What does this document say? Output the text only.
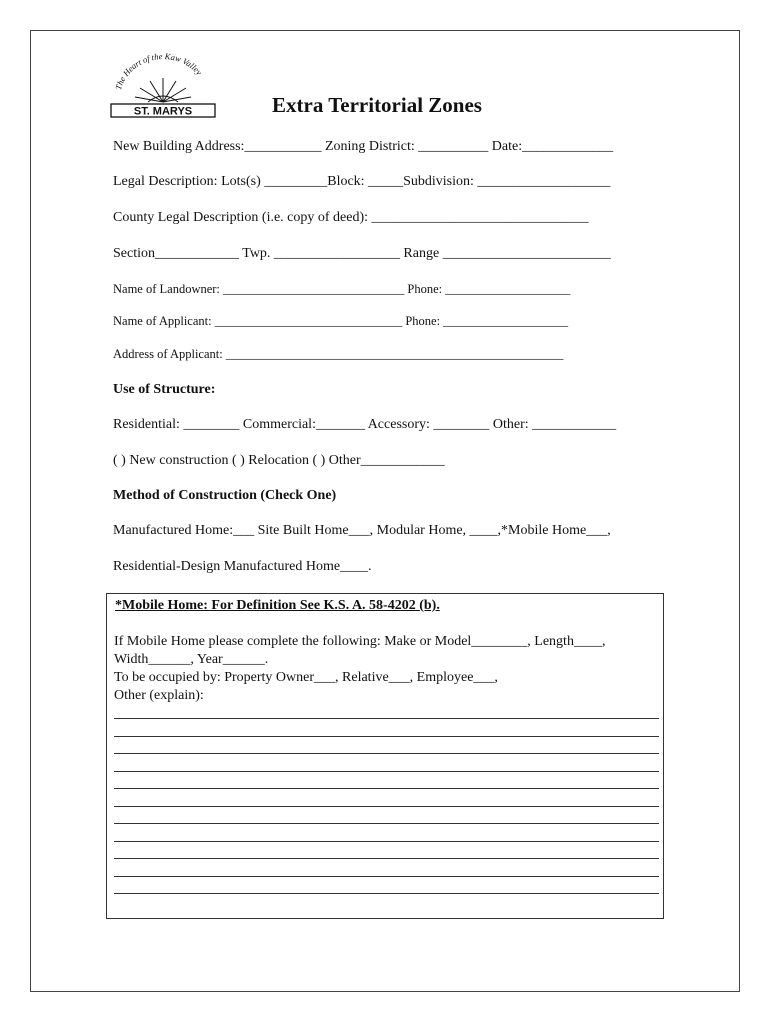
The Heart of the Kaw Valley
ST. MARYS	Extra Territorial Zones
New Building Address:___________ Zoning District: __________ Date:_____________
Legal Description: Lots(s) _________Block: _____Subdivision: ___________________
County Legal Description (i.e. copy of deed): _______________________________
Section____________ Twp. __________________ Range ________________________
Name of Landowner: _____________________________ Phone: ____________________
Name of Applicant: ______________________________ Phone: ____________________
Address of Applicant: ______________________________________________________
Use of Structure:
Residential: ________ Commercial:_______ Accessory: ________ Other: ____________
( ) New construction ( ) Relocation ( ) Other____________
Method of Construction (Check One)
Manufactured Home:___ Site Built Home___, Modular Home, ____,*Mobile Home___,
Residential-Design Manufactured Home____.
*Mobile Home: For Definition See K.S. A. 58-4202 (b).
If Mobile Home please complete the following: Make or Model________, Length____,
Width______, Year______.
To be occupied by: Property Owner___, Relative___, Employee___,
Other (explain):
